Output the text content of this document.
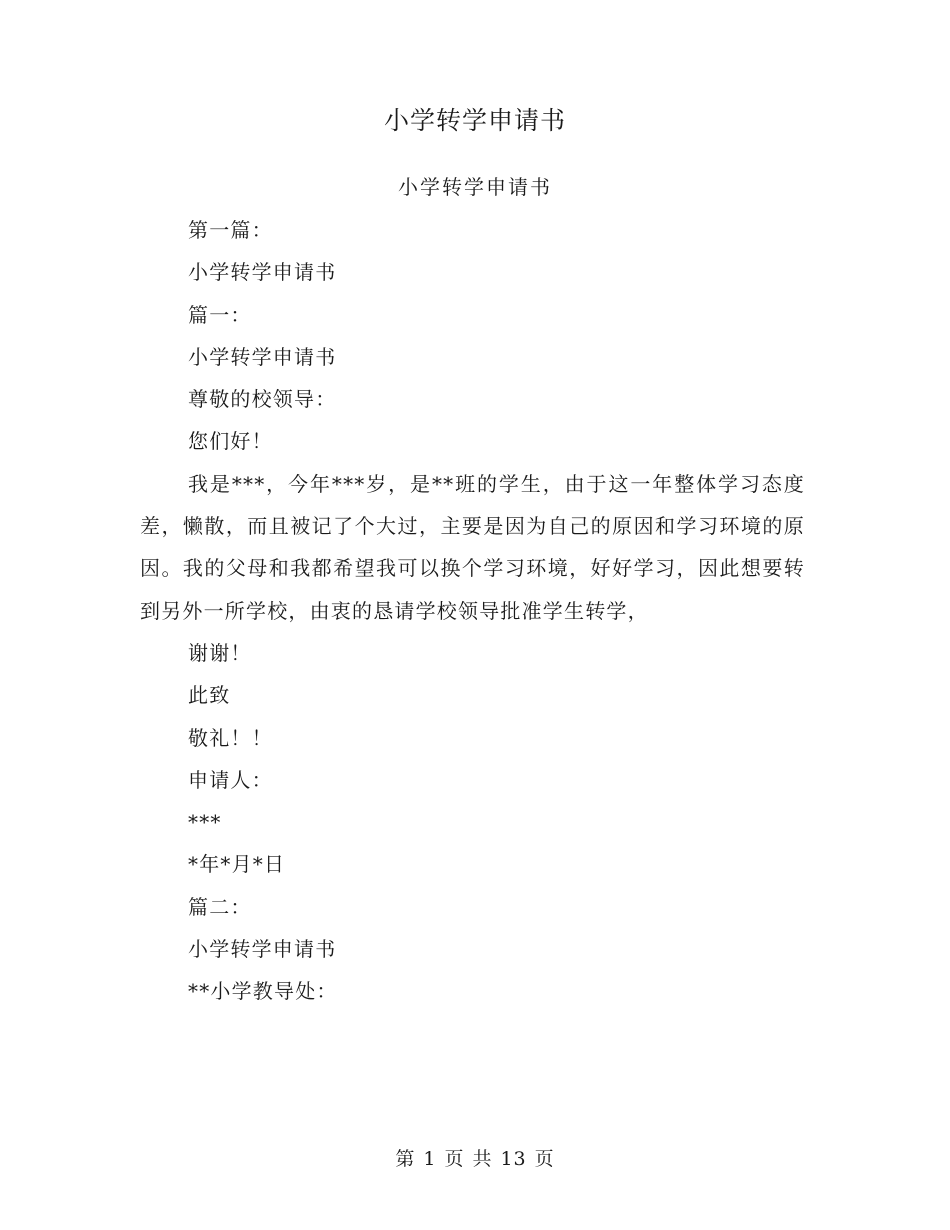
小学转学申请书
小学转学申请书

第一篇：

小学转学申请书

篇一：

小学转学申请书

尊敬的校领导：

您们好！

我是***，今年***岁，是**班的学生，由于这一年整体学习态度差，懒散，而且被记了个大过，主要是因为自己的原因和学习环境的原因。我的父母和我都希望我可以换个学习环境，好好学习，因此想要转到另外一所学校，由衷的恳请学校领导批准学生转学，

谢谢！

此致

敬礼！！

申请人：

***

*年*月*日

篇二：

小学转学申请书

**小学教导处：

第 1 页 共 13 页
